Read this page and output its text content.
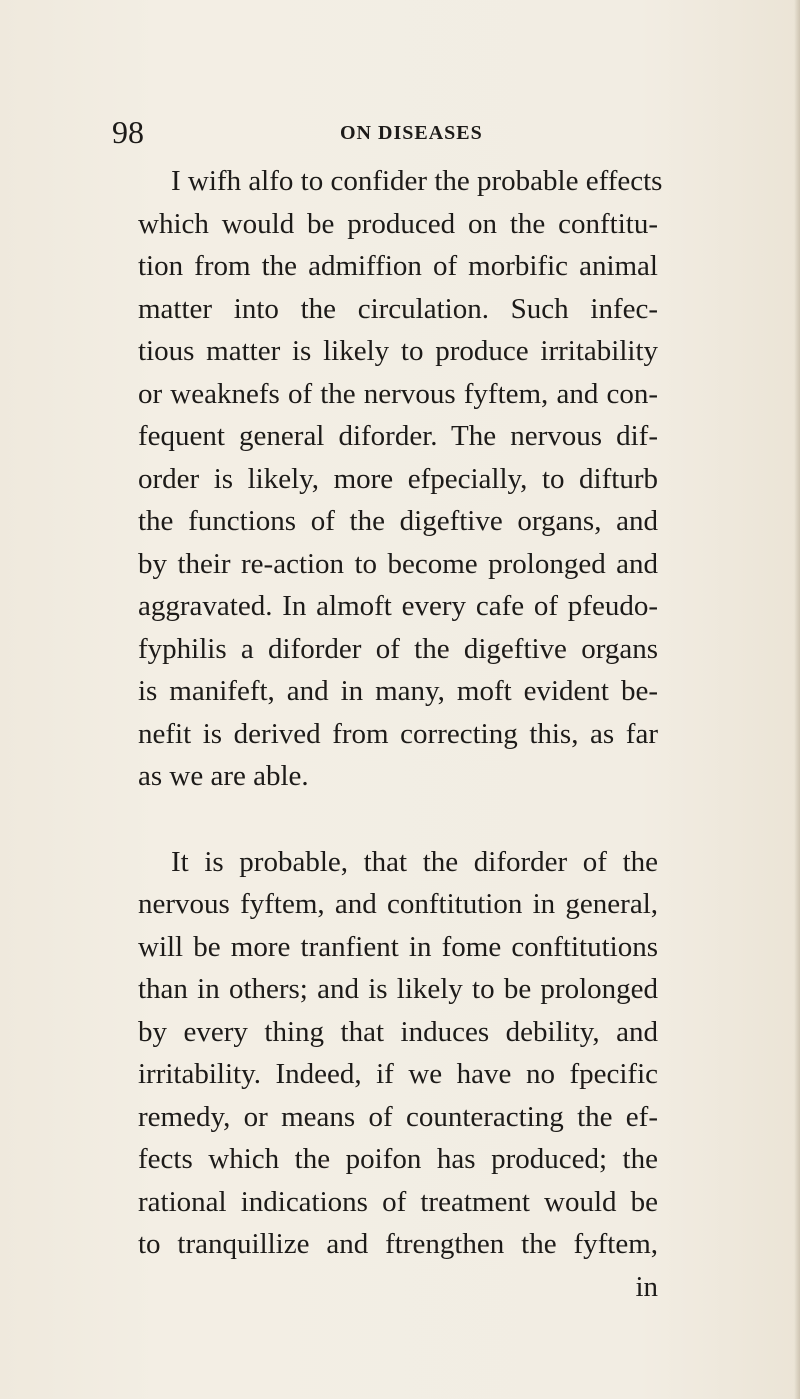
98	ON DISEASES
I wifh alfo to confider the probable effects
which would be produced on the conftitu-
tion from the admiffion of morbific animal
matter into the circulation. Such infec-
tious matter is likely to produce irritability
or weaknefs of the nervous fyftem, and con-
fequent general diforder. The nervous dif-
order is likely, more efpecially, to difturb
the functions of the digeftive organs, and
by their re-action to become prolonged and
aggravated. In almoft every cafe of pfeudo-
fyphilis a diforder of the digeftive organs
is manifeft, and in many, moft evident be-
nefit is derived from correcting this, as far
as we are able.
It is probable, that the diforder of the
nervous fyftem, and conftitution in general,
will be more tranfient in fome conftitutions
than in others; and is likely to be prolonged
by every thing that induces debility, and
irritability. Indeed, if we have no fpecific
remedy, or means of counteracting the ef-
fects which the poifon has produced; the
rational indications of treatment would be
to tranquillize and ftrengthen the fyftem,
in
